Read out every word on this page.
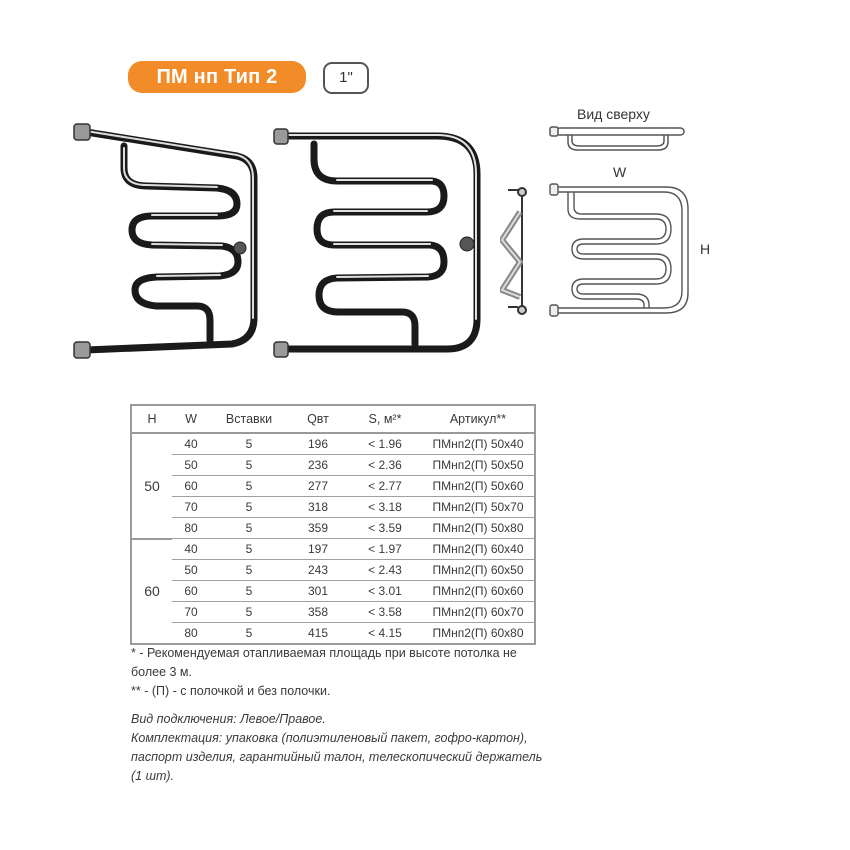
ПМ нп Тип 2	1"
Вид сверху
W
H
H	W	Вставки	Qвт	S, м²*	Артикул**
50	40	5	196	< 1.96	ПМнп2(П) 50x40
	50	5	236	< 2.36	ПМнп2(П) 50x50
	60	5	277	< 2.77	ПМнп2(П) 50x60
	70	5	318	< 3.18	ПМнп2(П) 50x70
	80	5	359	< 3.59	ПМнп2(П) 50x80
60	40	5	197	< 1.97	ПМнп2(П) 60x40
	50	5	243	< 2.43	ПМнп2(П) 60x50
	60	5	301	< 3.01	ПМнп2(П) 60x60
	70	5	358	< 3.58	ПМнп2(П) 60x70
	80	5	415	< 4.15	ПМнп2(П) 60x80

* - Рекомендуемая отапливаемая площадь при высоте потолка не более 3 м.

** - (П) - с полочкой и без полочки.

Вид подключения: Левое/Правое.

Комплектация: упаковка (полиэтиленовый пакет, гофро-картон), паспорт изделия, гарантийный талон, телескопический держатель (1 шт).
